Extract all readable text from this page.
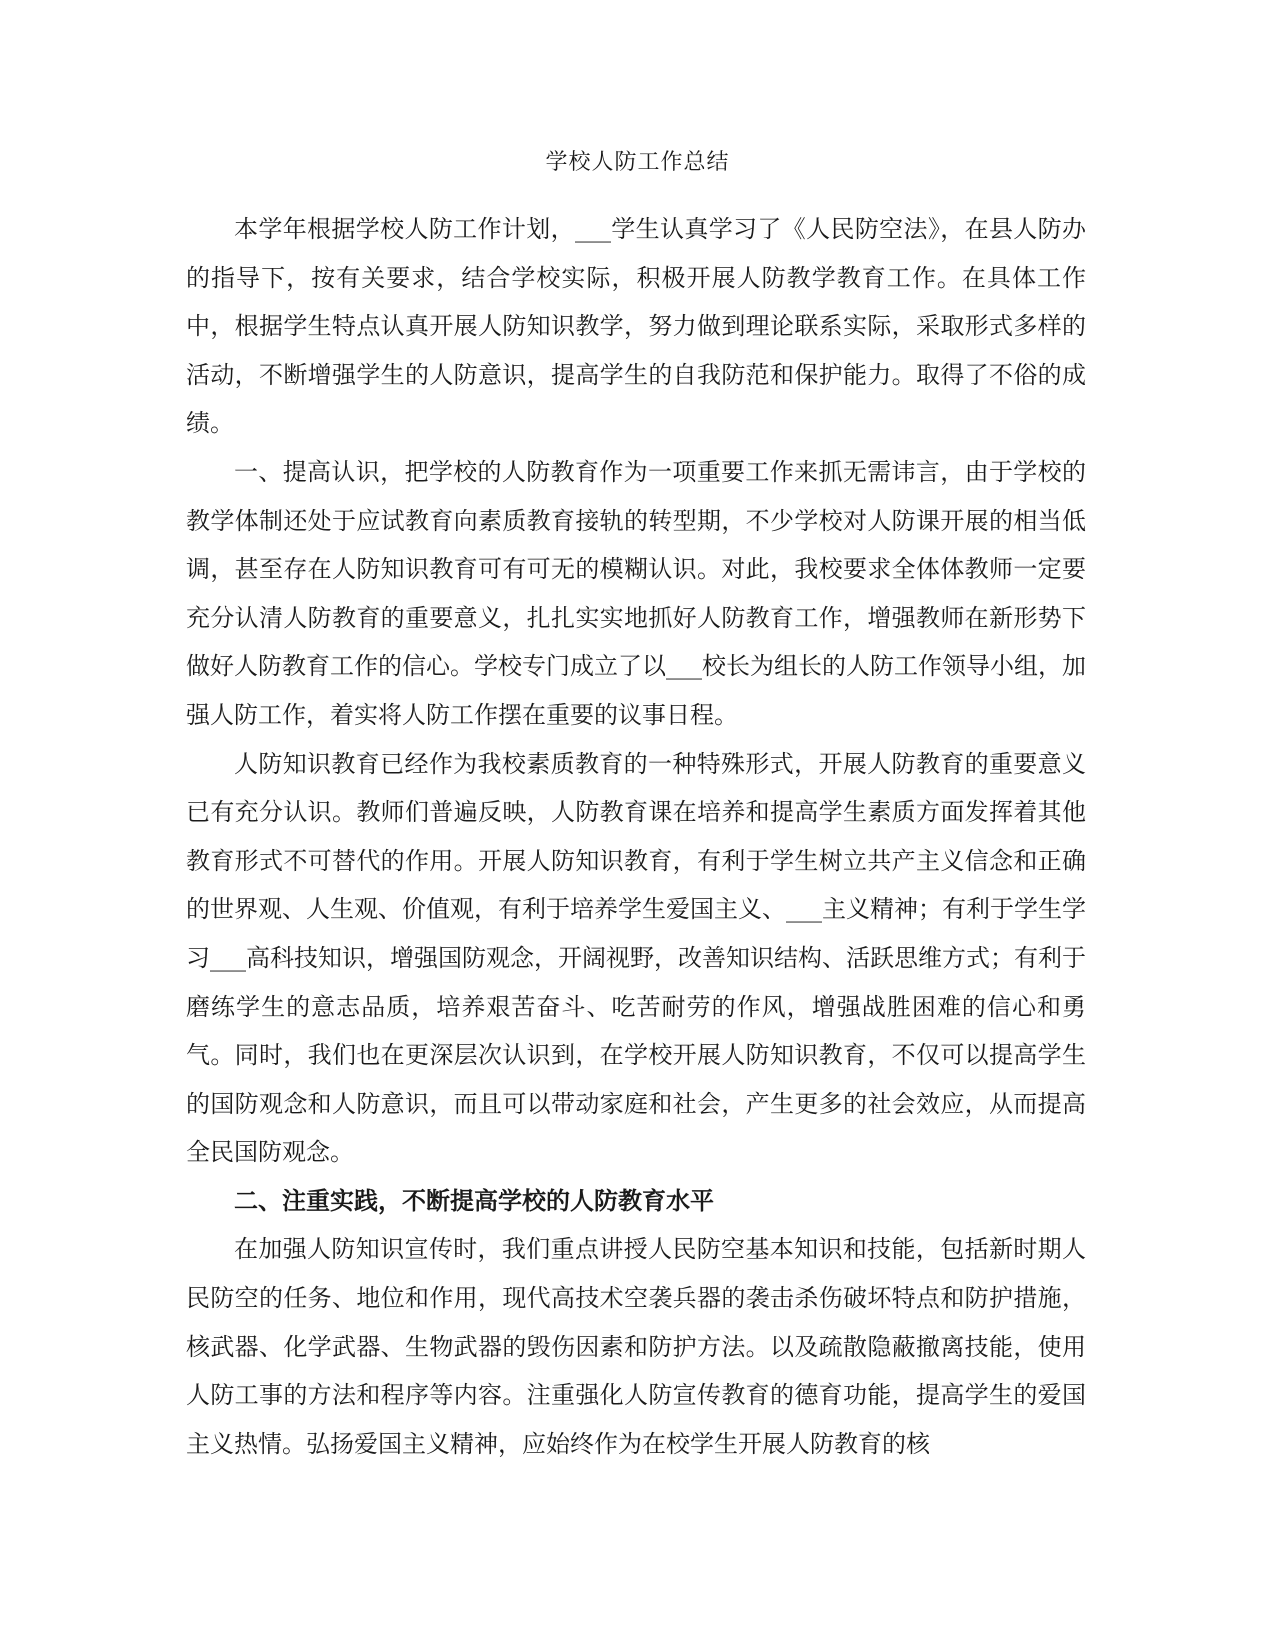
学校人防工作总结

本学年根据学校人防工作计划，___学生认真学习了《人民防空法》，在县人防办的指导下，按有关要求，结合学校实际，积极开展人防教学教育工作。在具体工作中，根据学生特点认真开展人防知识教学，努力做到理论联系实际，采取形式多样的活动，不断增强学生的人防意识，提高学生的自我防范和保护能力。取得了不俗的成绩。

一、提高认识，把学校的人防教育作为一项重要工作来抓无需讳言，由于学校的教学体制还处于应试教育向素质教育接轨的转型期，不少学校对人防课开展的相当低调，甚至存在人防知识教育可有可无的模糊认识。对此，我校要求全体体教师一定要充分认清人防教育的重要意义，扎扎实实地抓好人防教育工作，增强教师在新形势下做好人防教育工作的信心。学校专门成立了以___校长为组长的人防工作领导小组，加强人防工作，着实将人防工作摆在重要的议事日程。

人防知识教育已经作为我校素质教育的一种特殊形式，开展人防教育的重要意义已有充分认识。教师们普遍反映，人防教育课在培养和提高学生素质方面发挥着其他教育形式不可替代的作用。开展人防知识教育，有利于学生树立共产主义信念和正确的世界观、人生观、价值观，有利于培养学生爱国主义、___主义精神；有利于学生学习___高科技知识，增强国防观念，开阔视野，改善知识结构、活跃思维方式；有利于磨练学生的意志品质，培养艰苦奋斗、吃苦耐劳的作风，增强战胜困难的信心和勇气。同时，我们也在更深层次认识到，在学校开展人防知识教育，不仅可以提高学生的国防观念和人防意识，而且可以带动家庭和社会，产生更多的社会效应，从而提高全民国防观念。

二、注重实践，不断提高学校的人防教育水平

在加强人防知识宣传时，我们重点讲授人民防空基本知识和技能，包括新时期人民防空的任务、地位和作用，现代高技术空袭兵器的袭击杀伤破坏特点和防护措施，核武器、化学武器、生物武器的毁伤因素和防护方法。以及疏散隐蔽撤离技能，使用人防工事的方法和程序等内容。注重强化人防宣传教育的德育功能，提高学生的爱国主义热情。弘扬爱国主义精神，应始终作为在校学生开展人防教育的核
